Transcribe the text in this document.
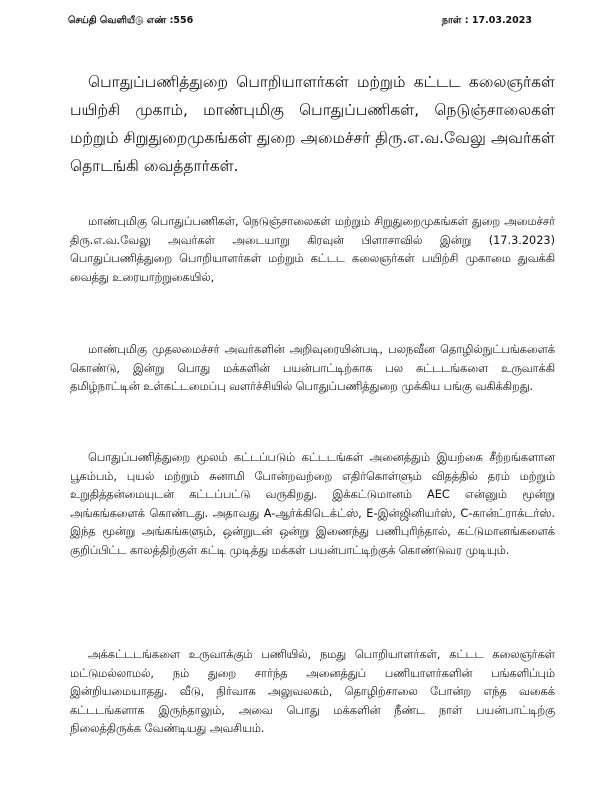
செய்தி வெளியீடு எண் :556	நாள் : 17.03.2023
பொதுப்பணித்துறை பொறியாளர்கள் மற்றும் கட்டட கலைஞர்கள் பயிற்சி முகாம், மாண்புமிகு பொதுப்பணிகள், நெடுஞ்சாலைகள் மற்றும் சிறுதுறைமுகங்கள் துறை அமைச்சர் திரு.எ.வ.வேலு அவர்கள் தொடங்கி வைத்தார்கள்.
மாண்புமிகு பொதுப்பணிகள், நெடுஞ்சாலைகள் மற்றும் சிறுதுறைமுகங்கள் துறை அமைச்சர் திரு.எ.வ.வேலு அவர்கள் அடையாறு கிரவுன் பிளாசாவில் இன்று (17.3.2023) பொதுப்பணித்துறை பொறியாளர்கள் மற்றும் கட்டட கலைஞர்கள் பயிற்சி முகாமை துவக்கி வைத்து உரையாற்றுகையில்,
மாண்புமிகு முதலமைச்சர் அவர்களின் அறிவுரையின்படி, பலநவீன தொழில்நுட்பங்களைக் கொண்டு, இன்று பொது மக்களின் பயன்பாட்டிற்காக பல கட்டடங்களை உருவாக்கி தமிழ்நாட்டின் உள்கட்டமைப்பு வளர்ச்சியில் பொதுப்பணித்துறை முக்கிய பங்கு வகிக்கிறது.
பொதுப்பணித்துறை மூலம் கட்டப்படும் கட்டடங்கள் அனைத்தும் இயற்கை சீற்றங்களான பூகம்பம், புயல் மற்றும் சுனாமி போன்றவற்றை எதிர்கொள்ளும் விதத்தில் தரம் மற்றும் உறுதித்தன்மையுடன் கட்டப்பட்டு வருகிறது. இக்கட்டுமானம் AEC என்னும் மூன்று அங்கங்களைக் கொண்டது. அதாவது A-ஆர்க்கிடெக்ட்ஸ், E-இன்ஜினியர்ஸ், C-கான்ட்ராக்டர்ஸ். இந்த மூன்று அங்கங்களும், ஒன்றுடன் ஒன்று இணைந்து பணிபுரிந்தால், கட்டுமானங்களைக் குறிப்பிட்ட காலத்திற்குள் கட்டி முடித்து மக்கள் பயன்பாட்டிற்குக் கொண்டுவர முடியும்.
அக்கட்டடங்களை உருவாக்கும் பணியில், நமது பொறியாளர்கள், கட்டட கலைஞர்கள் மட்டுமல்லாமல், நம் துறை சார்ந்த அனைத்துப் பணியாளர்களின் பங்களிப்பும் இன்றியமையாதது. வீடு, நிர்வாக அலுவலகம், தொழிற்சாலை போன்ற எந்த வகைக் கட்டடங்களாக இருந்தாலும், அவை பொது மக்களின் நீண்ட நாள் பயன்பாட்டிற்கு நிலைத்திருக்க வேண்டியது அவசியம்.
